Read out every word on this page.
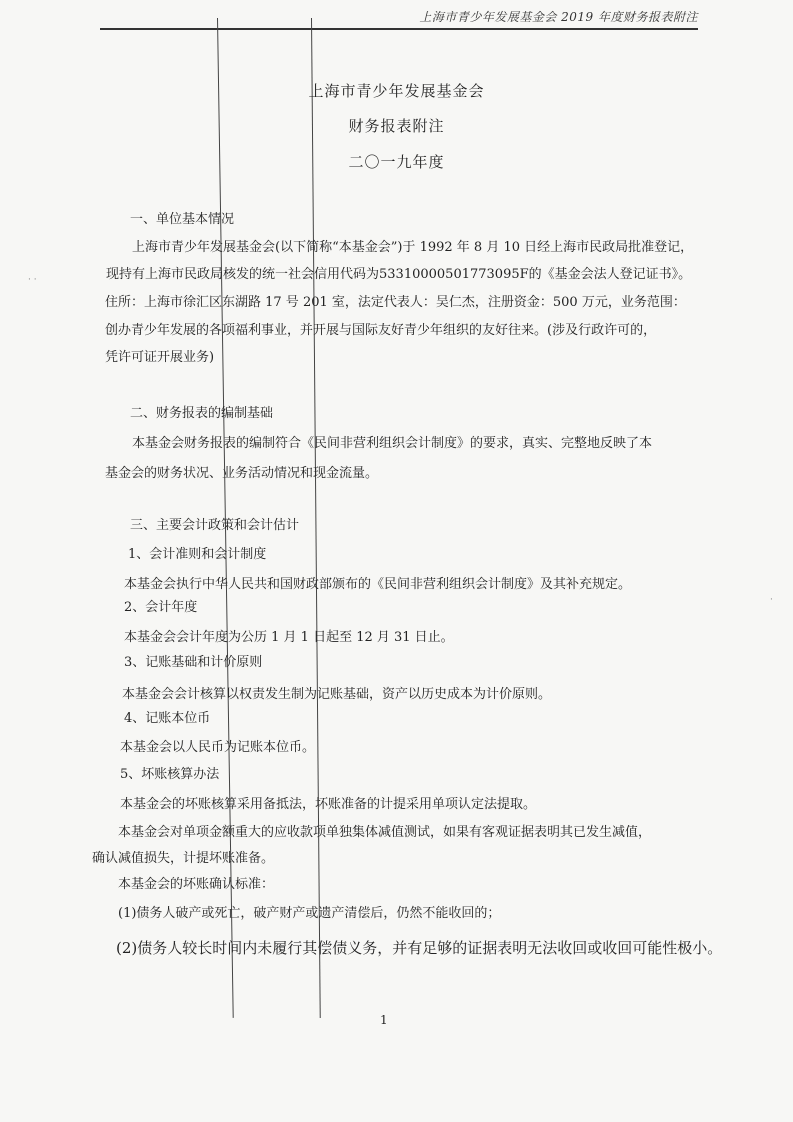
上海市青少年发展基金会 2019 年度财务报表附注
· ·
·
上海市青少年发展基金会
财务报表附注
二〇一九年度
一、单位基本情况
上海市青少年发展基金会(以下简称“本基金会”)于 1992 年 8 月 10 日经上海市民政局批准登记，
现持有上海市民政局核发的统一社会信用代码为53310000501773095F的《基金会法人登记证书》。
住所：上海市徐汇区东湖路 17 号 201 室，法定代表人：吴仁杰，注册资金：500 万元，业务范围：
创办青少年发展的各项福利事业，并开展与国际友好青少年组织的友好往来。(涉及行政许可的，
凭许可证开展业务)
二、财务报表的编制基础
本基金会财务报表的编制符合《民间非营利组织会计制度》的要求，真实、完整地反映了本
基金会的财务状况、业务活动情况和现金流量。
三、主要会计政策和会计估计
1、会计准则和会计制度
本基金会执行中华人民共和国财政部颁布的《民间非营利组织会计制度》及其补充规定。
2、会计年度
本基金会会计年度为公历 1 月 1 日起至 12 月 31 日止。
3、记账基础和计价原则
本基金会会计核算以权责发生制为记账基础，资产以历史成本为计价原则。
4、记账本位币
本基金会以人民币为记账本位币。
5、坏账核算办法
本基金会的坏账核算采用备抵法，坏账准备的计提采用单项认定法提取。
本基金会对单项金额重大的应收款项单独集体减值测试，如果有客观证据表明其已发生减值，
确认减值损失，计提坏账准备。
本基金会的坏账确认标准：
(1)债务人破产或死亡，破产财产或遗产清偿后，仍然不能收回的；
(2)债务人较长时间内未履行其偿债义务，并有足够的证据表明无法收回或收回可能性极小。
1
